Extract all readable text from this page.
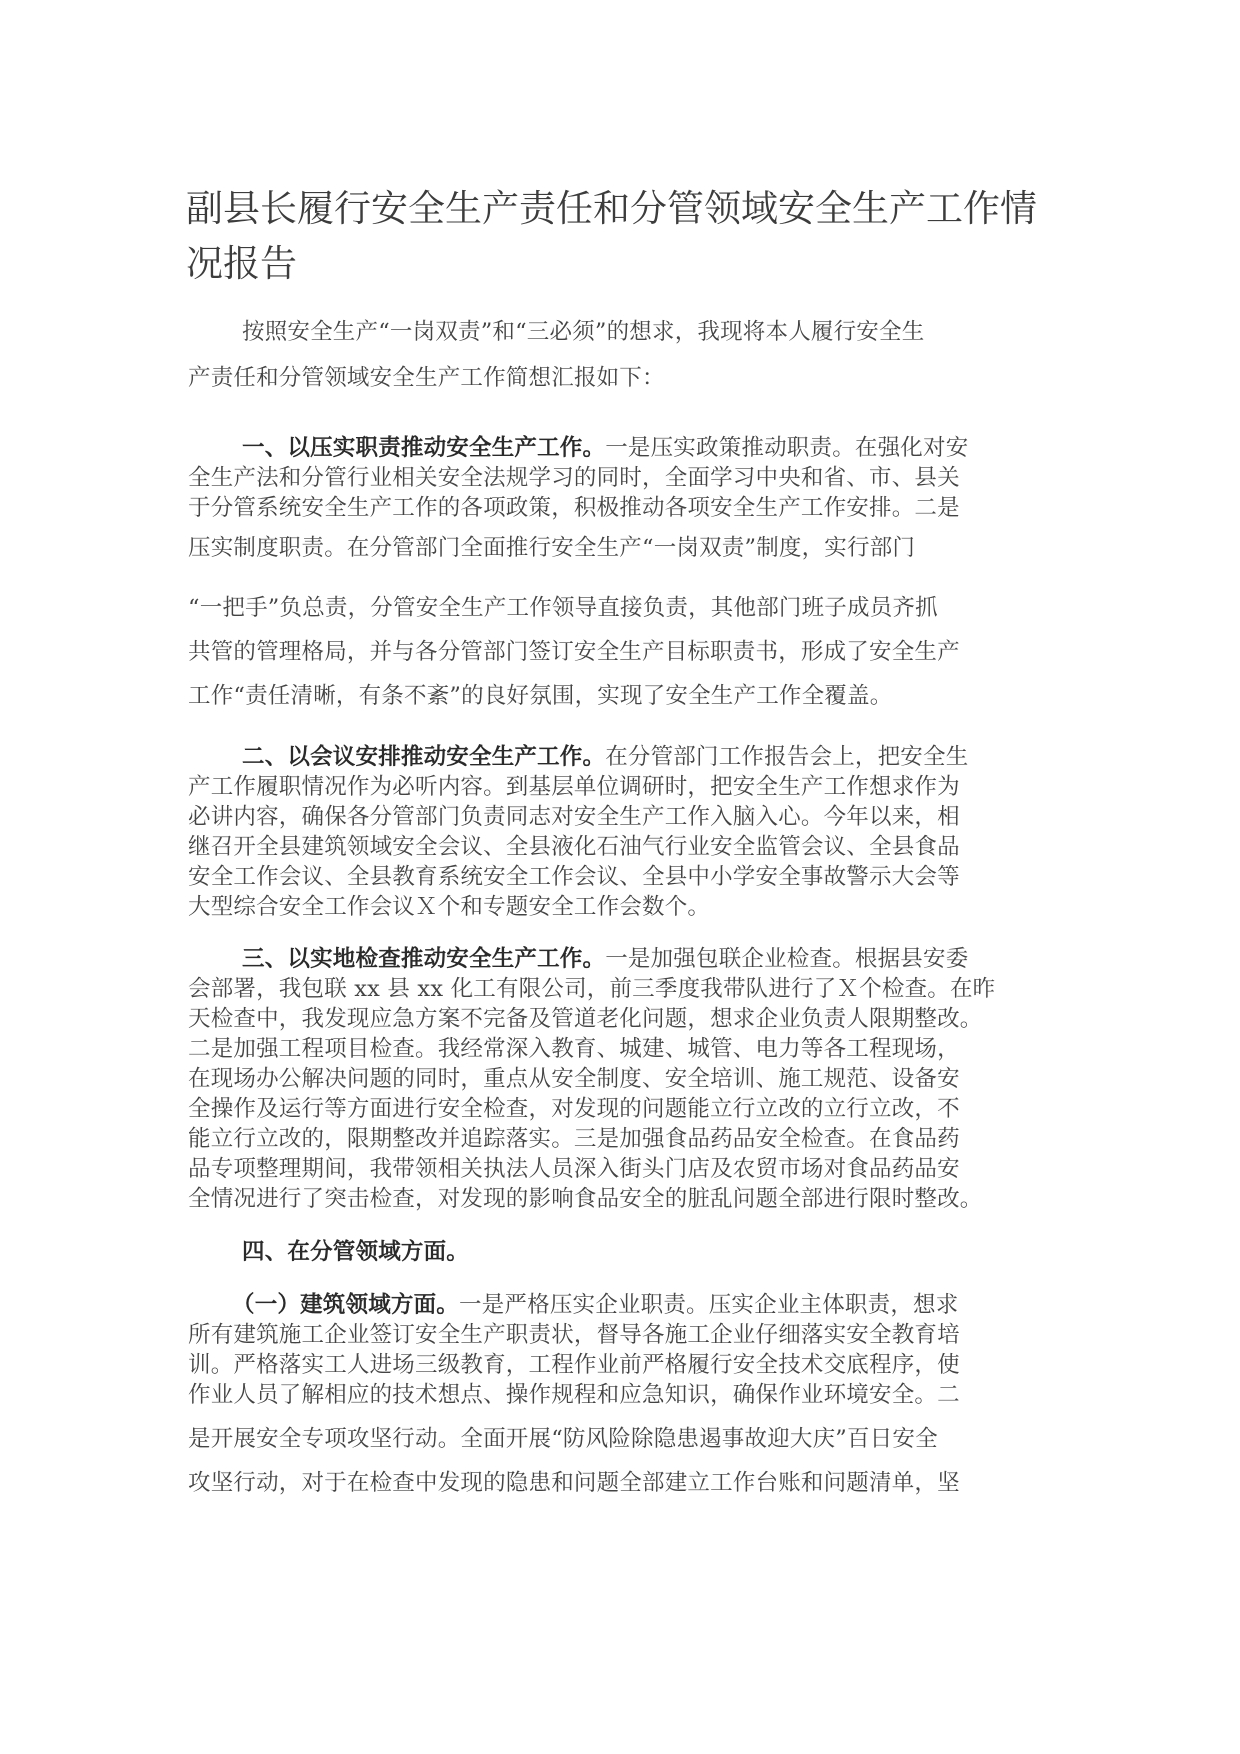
副县长履行安全生产责任和分管领域安全生产工作情
况报告
按照安全生产“一岗双责”和“三必须”的想求，我现将本人履行安全生
产责任和分管领域安全生产工作简想汇报如下：
一、以压实职责推动安全生产工作。一是压实政策推动职责。在强化对安
全生产法和分管行业相关安全法规学习的同时，全面学习中央和省、市、县关
于分管系统安全生产工作的各项政策，积极推动各项安全生产工作安排。二是
压实制度职责。在分管部门全面推行安全生产“一岗双责”制度，实行部门
“一把手”负总责，分管安全生产工作领导直接负责，其他部门班子成员齐抓
共管的管理格局，并与各分管部门签订安全生产目标职责书，形成了安全生产
工作“责任清晰，有条不紊”的良好氛围，实现了安全生产工作全覆盖。
二、以会议安排推动安全生产工作。在分管部门工作报告会上，把安全生
产工作履职情况作为必听内容。到基层单位调研时，把安全生产工作想求作为
必讲内容，确保各分管部门负责同志对安全生产工作入脑入心。今年以来，相
继召开全县建筑领域安全会议、全县液化石油气行业安全监管会议、全县食品
安全工作会议、全县教育系统安全工作会议、全县中小学安全事故警示大会等
大型综合安全工作会议Ｘ个和专题安全工作会数个。
三、以实地检查推动安全生产工作。一是加强包联企业检查。根据县安委
会部署，我包联 xx 县 xx 化工有限公司，前三季度我带队进行了Ｘ个检查。在昨
天检查中，我发现应急方案不完备及管道老化问题，想求企业负责人限期整改。
二是加强工程项目检查。我经常深入教育、城建、城管、电力等各工程现场，
在现场办公解决问题的同时，重点从安全制度、安全培训、施工规范、设备安
全操作及运行等方面进行安全检查，对发现的问题能立行立改的立行立改，不
能立行立改的，限期整改并追踪落实。三是加强食品药品安全检查。在食品药
品专项整理期间，我带领相关执法人员深入街头门店及农贸市场对食品药品安
全情况进行了突击检查，对发现的影响食品安全的脏乱问题全部进行限时整改。
四、在分管领域方面。
（一）建筑领域方面。一是严格压实企业职责。压实企业主体职责，想求
所有建筑施工企业签订安全生产职责状，督导各施工企业仔细落实安全教育培
训。严格落实工人进场三级教育，工程作业前严格履行安全技术交底程序，使
作业人员了解相应的技术想点、操作规程和应急知识，确保作业环境安全。二
是开展安全专项攻坚行动。全面开展“防风险除隐患遏事故迎大庆”百日安全
攻坚行动，对于在检查中发现的隐患和问题全部建立工作台账和问题清单，坚
